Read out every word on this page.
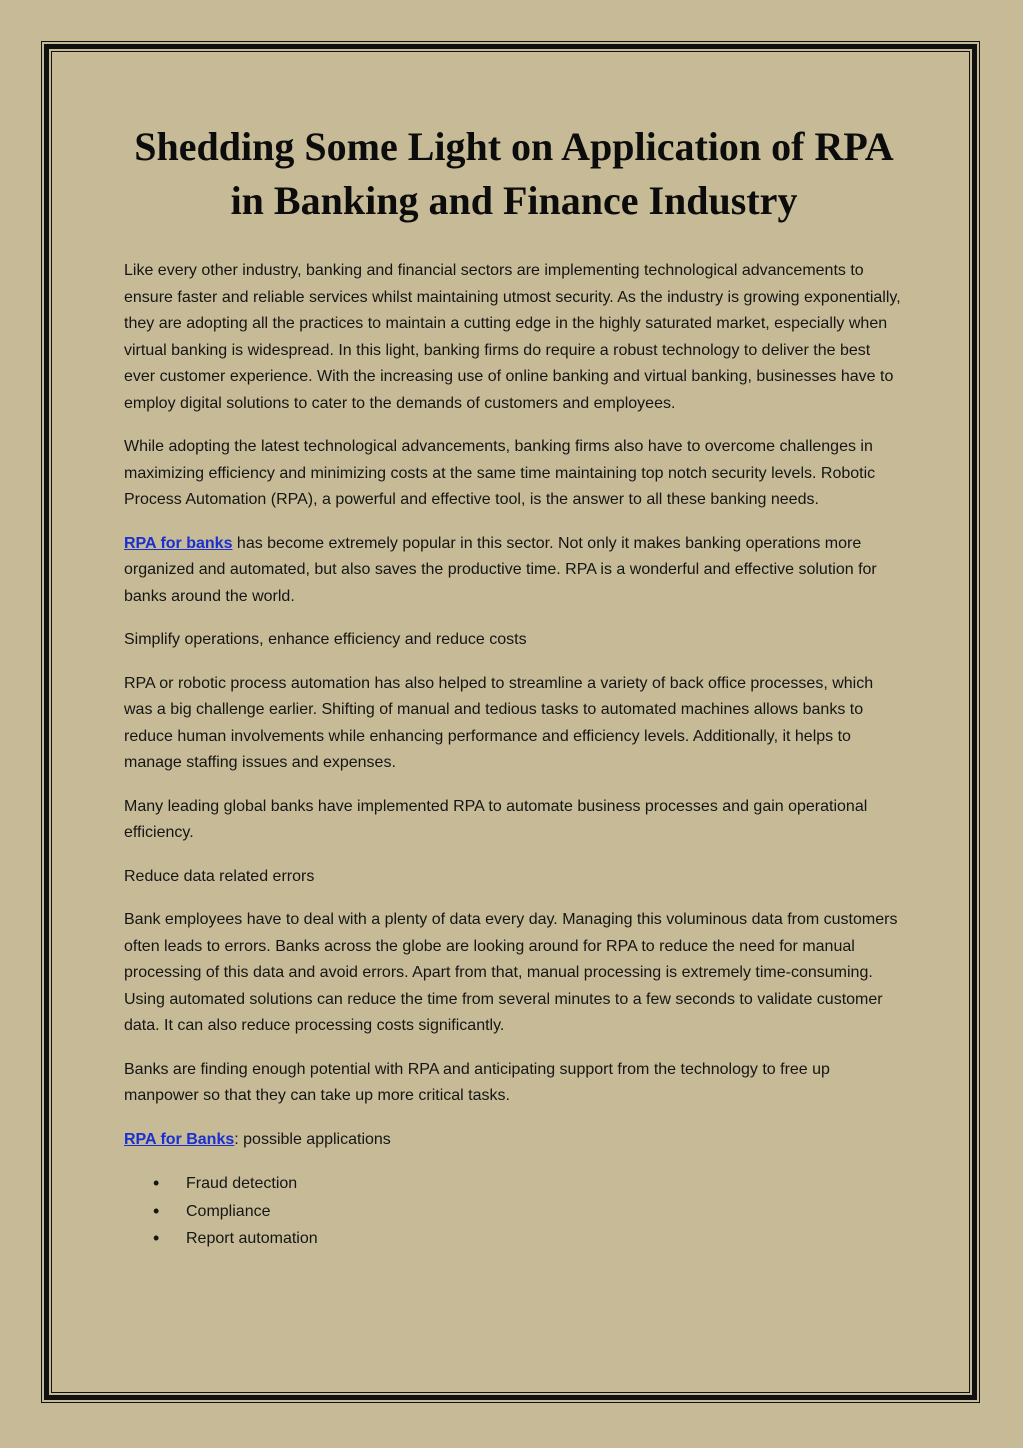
Shedding Some Light on Application of RPA in Banking and Finance Industry

Like every other industry, banking and financial sectors are implementing technological advancements to ensure faster and reliable services whilst maintaining utmost security. As the industry is growing exponentially, they are adopting all the practices to maintain a cutting edge in the highly saturated market, especially when virtual banking is widespread. In this light, banking firms do require a robust technology to deliver the best ever customer experience. With the increasing use of online banking and virtual banking, businesses have to employ digital solutions to cater to the demands of customers and employees.

While adopting the latest technological advancements, banking firms also have to overcome challenges in maximizing efficiency and minimizing costs at the same time maintaining top notch security levels. Robotic Process Automation (RPA), a powerful and effective tool, is the answer to all these banking needs.

RPA for banks has become extremely popular in this sector. Not only it makes banking operations more organized and automated, but also saves the productive time. RPA is a wonderful and effective solution for banks around the world.

Simplify operations, enhance efficiency and reduce costs

RPA or robotic process automation has also helped to streamline a variety of back office processes, which was a big challenge earlier. Shifting of manual and tedious tasks to automated machines allows banks to reduce human involvements while enhancing performance and efficiency levels. Additionally, it helps to manage staffing issues and expenses.

Many leading global banks have implemented RPA to automate business processes and gain operational efficiency.

Reduce data related errors

Bank employees have to deal with a plenty of data every day. Managing this voluminous data from customers often leads to errors. Banks across the globe are looking around for RPA to reduce the need for manual processing of this data and avoid errors. Apart from that, manual processing is extremely time-consuming. Using automated solutions can reduce the time from several minutes to a few seconds to validate customer data. It can also reduce processing costs significantly.

Banks are finding enough potential with RPA and anticipating support from the technology to free up manpower so that they can take up more critical tasks.

RPA for Banks: possible applications

• Fraud detection
• Compliance
• Report automation
